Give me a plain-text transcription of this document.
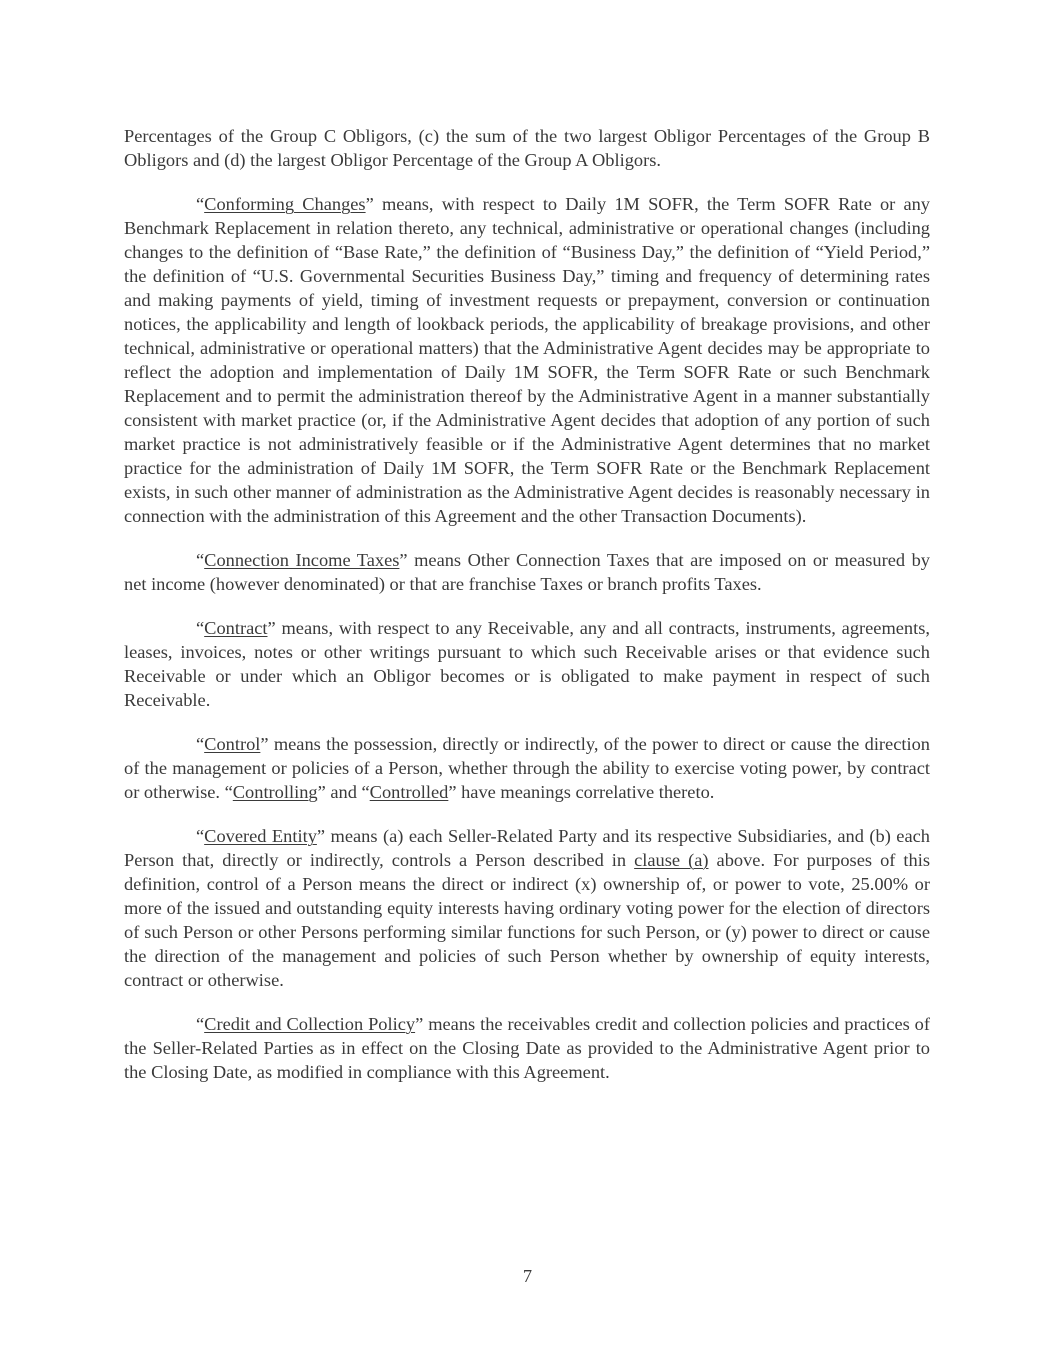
Percentages of the Group C Obligors, (c) the sum of the two largest Obligor Percentages of the Group B Obligors and (d) the largest Obligor Percentage of the Group A Obligors.

“Conforming Changes” means, with respect to Daily 1M SOFR, the Term SOFR Rate or any Benchmark Replacement in relation thereto, any technical, administrative or operational changes (including changes to the definition of “Base Rate,” the definition of “Business Day,” the definition of “Yield Period,” the definition of “U.S. Governmental Securities Business Day,” timing and frequency of determining rates and making payments of yield, timing of investment requests or prepayment, conversion or continuation notices, the applicability and length of lookback periods, the applicability of breakage provisions, and other technical, administrative or operational matters) that the Administrative Agent decides may be appropriate to reflect the adoption and implementation of Daily 1M SOFR, the Term SOFR Rate or such Benchmark Replacement and to permit the administration thereof by the Administrative Agent in a manner substantially consistent with market practice (or, if the Administrative Agent decides that adoption of any portion of such market practice is not administratively feasible or if the Administrative Agent determines that no market practice for the administration of Daily 1M SOFR, the Term SOFR Rate or the Benchmark Replacement exists, in such other manner of administration as the Administrative Agent decides is reasonably necessary in connection with the administration of this Agreement and the other Transaction Documents).

“Connection Income Taxes” means Other Connection Taxes that are imposed on or measured by net income (however denominated) or that are franchise Taxes or branch profits Taxes.

“Contract” means, with respect to any Receivable, any and all contracts, instruments, agreements, leases, invoices, notes or other writings pursuant to which such Receivable arises or that evidence such Receivable or under which an Obligor becomes or is obligated to make payment in respect of such Receivable.

“Control” means the possession, directly or indirectly, of the power to direct or cause the direction of the management or policies of a Person, whether through the ability to exercise voting power, by contract or otherwise. “Controlling” and “Controlled” have meanings correlative thereto.

“Covered Entity” means (a) each Seller-Related Party and its respective Subsidiaries, and (b) each Person that, directly or indirectly, controls a Person described in clause (a) above. For purposes of this definition, control of a Person means the direct or indirect (x) ownership of, or power to vote, 25.00% or more of the issued and outstanding equity interests having ordinary voting power for the election of directors of such Person or other Persons performing similar functions for such Person, or (y) power to direct or cause the direction of the management and policies of such Person whether by ownership of equity interests, contract or otherwise.

“Credit and Collection Policy” means the receivables credit and collection policies and practices of the Seller-Related Parties as in effect on the Closing Date as provided to the Administrative Agent prior to the Closing Date, as modified in compliance with this Agreement.

7
